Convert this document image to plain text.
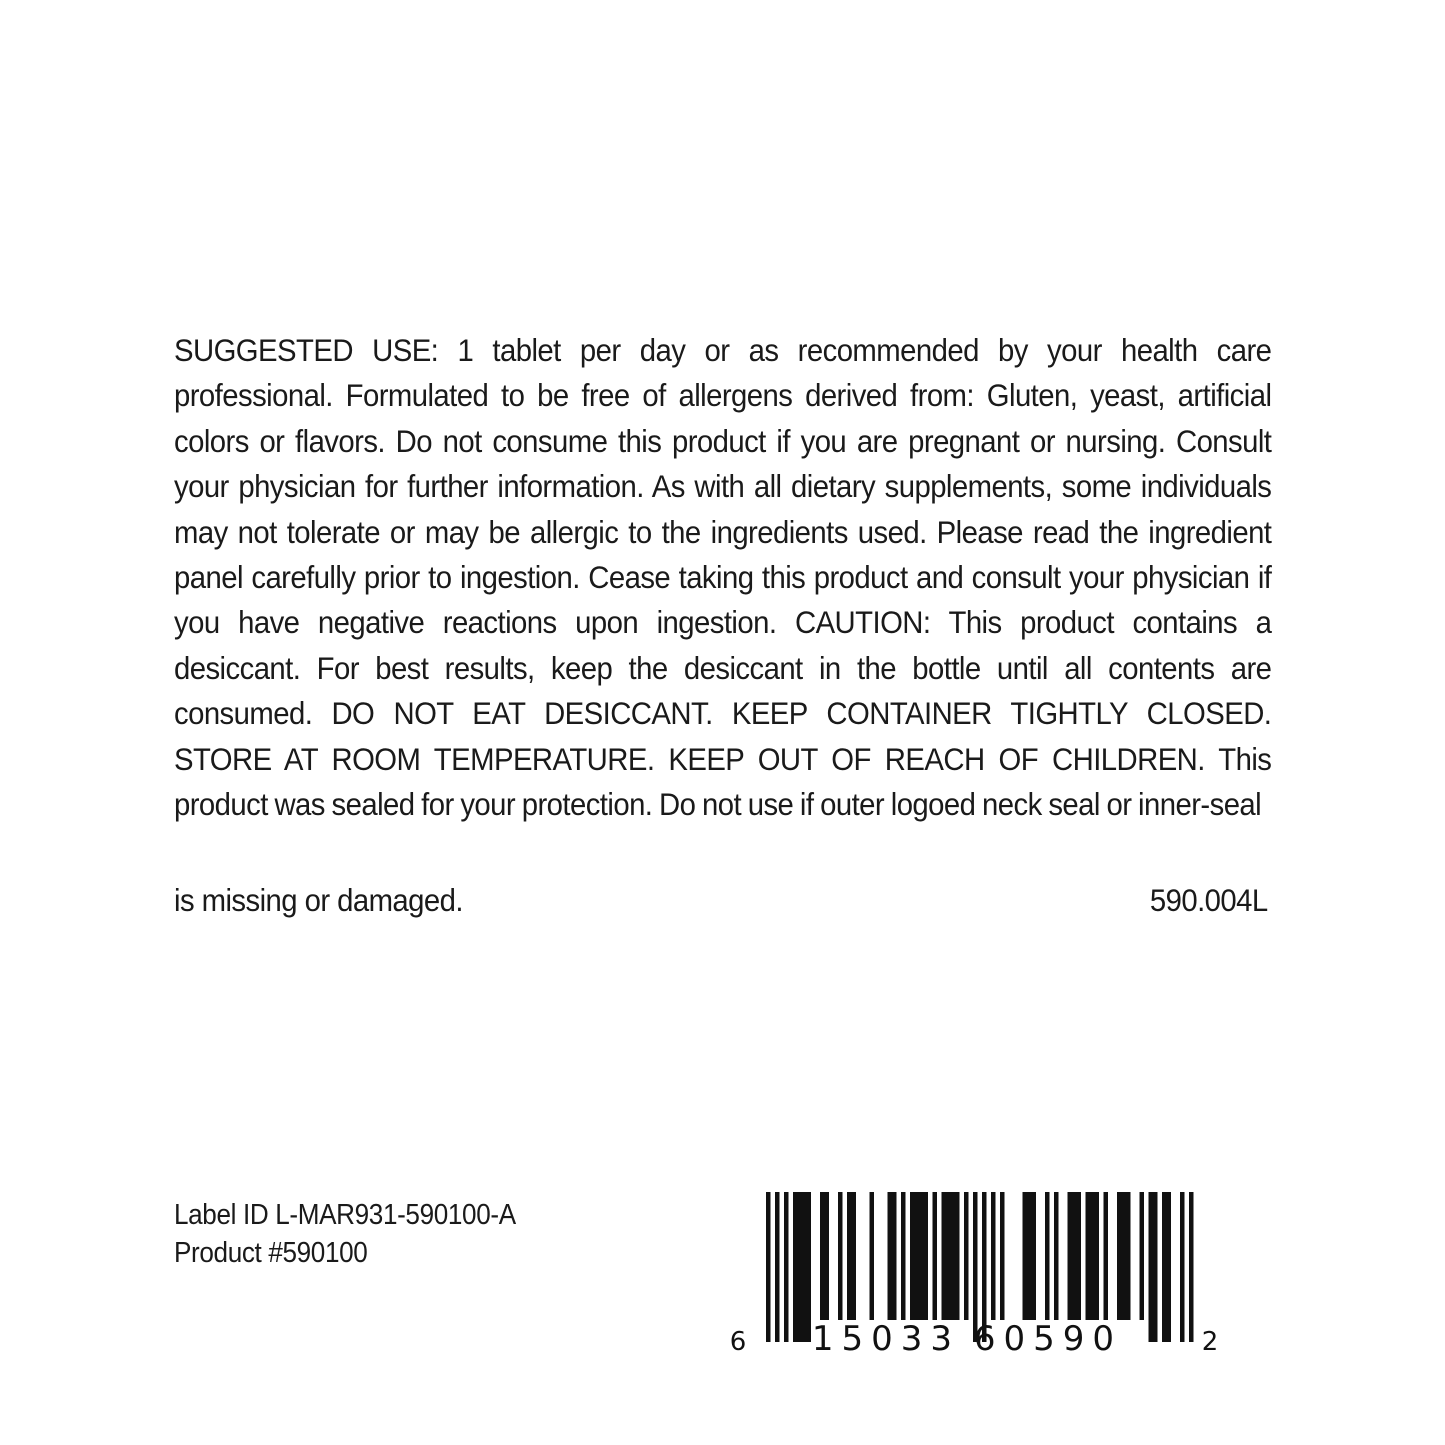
SUGGESTED USE: 1 tablet per day or as recommended by your health care professional. Formulated to be free of allergens derived from: Gluten, yeast, artificial colors or flavors. Do not consume this product if you are pregnant or nursing. Consult your physician for further information. As with all dietary supplements, some individuals may not tolerate or may be allergic to the ingredients used. Please read the ingredient panel carefully prior to ingestion. Cease taking this product and consult your physician if you have negative reactions upon ingestion. CAUTION: This product contains a desiccant. For best results, keep the desiccant in the bottle until all contents are consumed. DO NOT EAT DESICCANT. KEEP CONTAINER TIGHTLY CLOSED. STORE AT ROOM TEMPERATURE. KEEP OUT OF REACH OF CHILDREN. This product was sealed for your protection. Do not use if outer logoed neck seal or inner-seal
is missing or damaged.	590.004L
Label ID L-MAR931-590100-A
Product #590100
6 15033 60590	2
